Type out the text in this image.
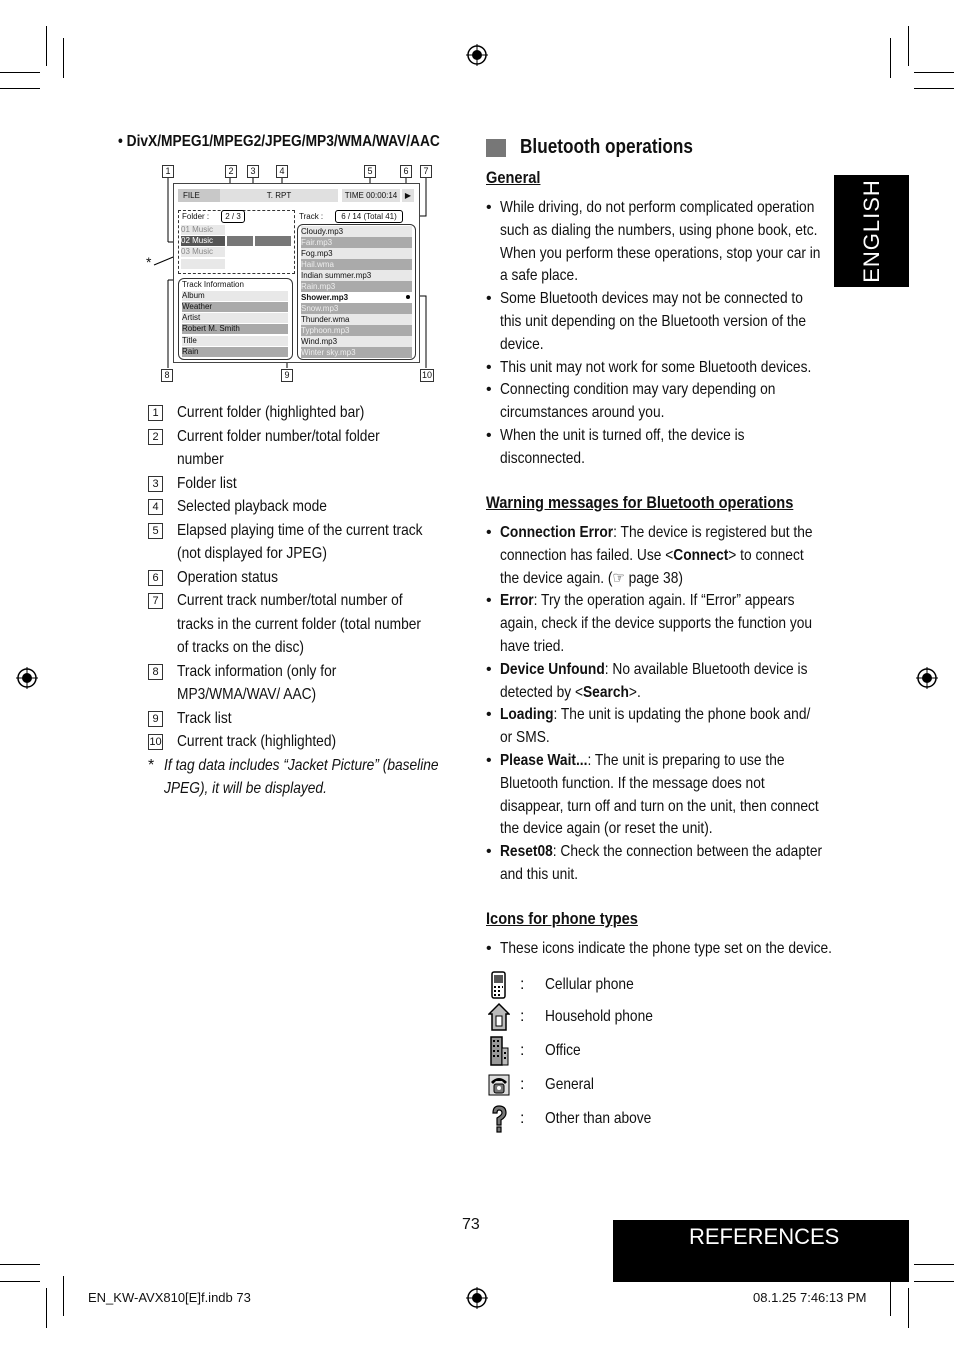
• DivX/MPEG1/MPEG2/JPEG/MP3/WMA/WAV/AAC
1	2	3	4	5	6	7
8	9	10
*
FILE	T. RPT	TIME 00:00:14 ▶
Folder :	2 / 3
01 Music
02 Music
03 Music
Track Information
Album
Weather
Artist
Robert M. Smith
Title
Rain
Track :	6 / 14 (Total 41)
Cloudy.mp3
Fair.mp3
Fog.mp3
Hail.wma
Indian summer.mp3
Rain.mp3
Shower.mp3
Snow.mp3
Thunder.wma
Typhoon.mp3
Wind.mp3
Winter sky.mp3
1 Current folder (highlighted bar)
2 Current folder number/total folder number
3 Folder list
4 Selected playback mode
5 Elapsed playing time of the current track (not displayed for JPEG)
6 Operation status
7 Current track number/total number of tracks in the current folder (total number of tracks on the disc)
8 Track information (only for MP3/WMA/WAV/ AAC)
9 Track list
10 Current track (highlighted)
* If tag data includes “Jacket Picture” (baseline JPEG), it will be displayed.
Bluetooth operations
General
• While driving, do not perform complicated operation such as dialing the numbers, using phone book, etc. When you perform these operations, stop your car in a safe place.
• Some Bluetooth devices may not be connected to this unit depending on the Bluetooth version of the device.
• This unit may not work for some Bluetooth devices.
• Connecting condition may vary depending on circumstances around you.
• When the unit is turned off, the device is disconnected.
Warning messages for Bluetooth operations
• Connection Error: The device is registered but the connection has failed. Use <Connect> to connect the device again. (☞ page 38)
• Error: Try the operation again. If “Error” appears again, check if the device supports the function you have tried.
• Device Unfound: No available Bluetooth device is detected by <Search>.
• Loading: The unit is updating the phone book and/ or SMS.
• Please Wait...: The unit is preparing to use the Bluetooth function. If the message does not disappear, turn off and turn on the unit, then connect the device again (or reset the unit).
• Reset08: Check the connection between the adapter and this unit.
Icons for phone types
• These icons indicate the phone type set on the device.
: Cellular phone
: Household phone
: Office
: General
: Other than above
ENGLISH
73	REFERENCES
EN_KW-AVX810[E]f.indb 73	08.1.25 7:46:13 PM
